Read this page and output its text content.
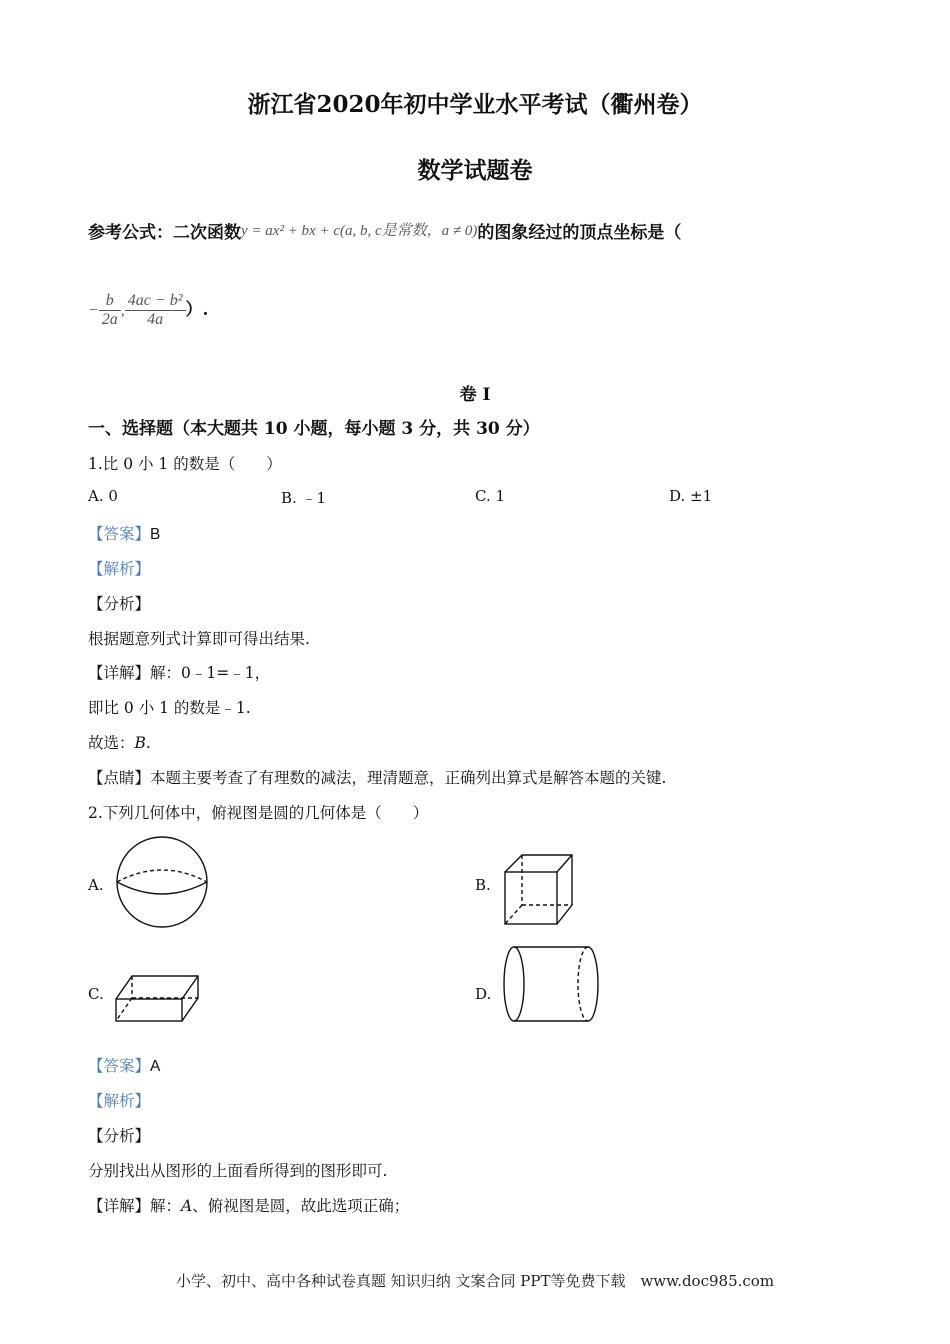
浙江省2020年初中学业水平考试（衢州卷）
数学试题卷
参考公式：二次函数y = ax² + bx + c(a, b, c是常数，a ≠ 0)的图象经过的顶点坐标是（
− $\frac{b}{2a}$ , $\frac{\text{4ac − b²}}{4a}$ ）.
卷 I
一、选择题（本大题共 10 小题，每小题 3 分，共 30 分）
1.比 0 小 1 的数是（　　）
A. 0	B. ﹣1	C. 1	D. ±1
【答案】B
【解析】
【分析】
根据题意列式计算即可得出结果.
【详解】解：0﹣1=﹣1，
即比 0 小 1 的数是﹣1.
故选：B.
【点睛】本题主要考查了有理数的减法，理清题意，正确列出算式是解答本题的关键.
2.下列几何体中，俯视图是圆的几何体是（　　）
A.	B.
C.	D.
【答案】A
【解析】
【分析】
分别找出从图形的上面看所得到的图形即可.
【详解】解：A、俯视图是圆，故此选项正确；
小学、初中、高中各种试卷真题 知识归纳 文案合同 PPT等免费下载　www.doc985.com
